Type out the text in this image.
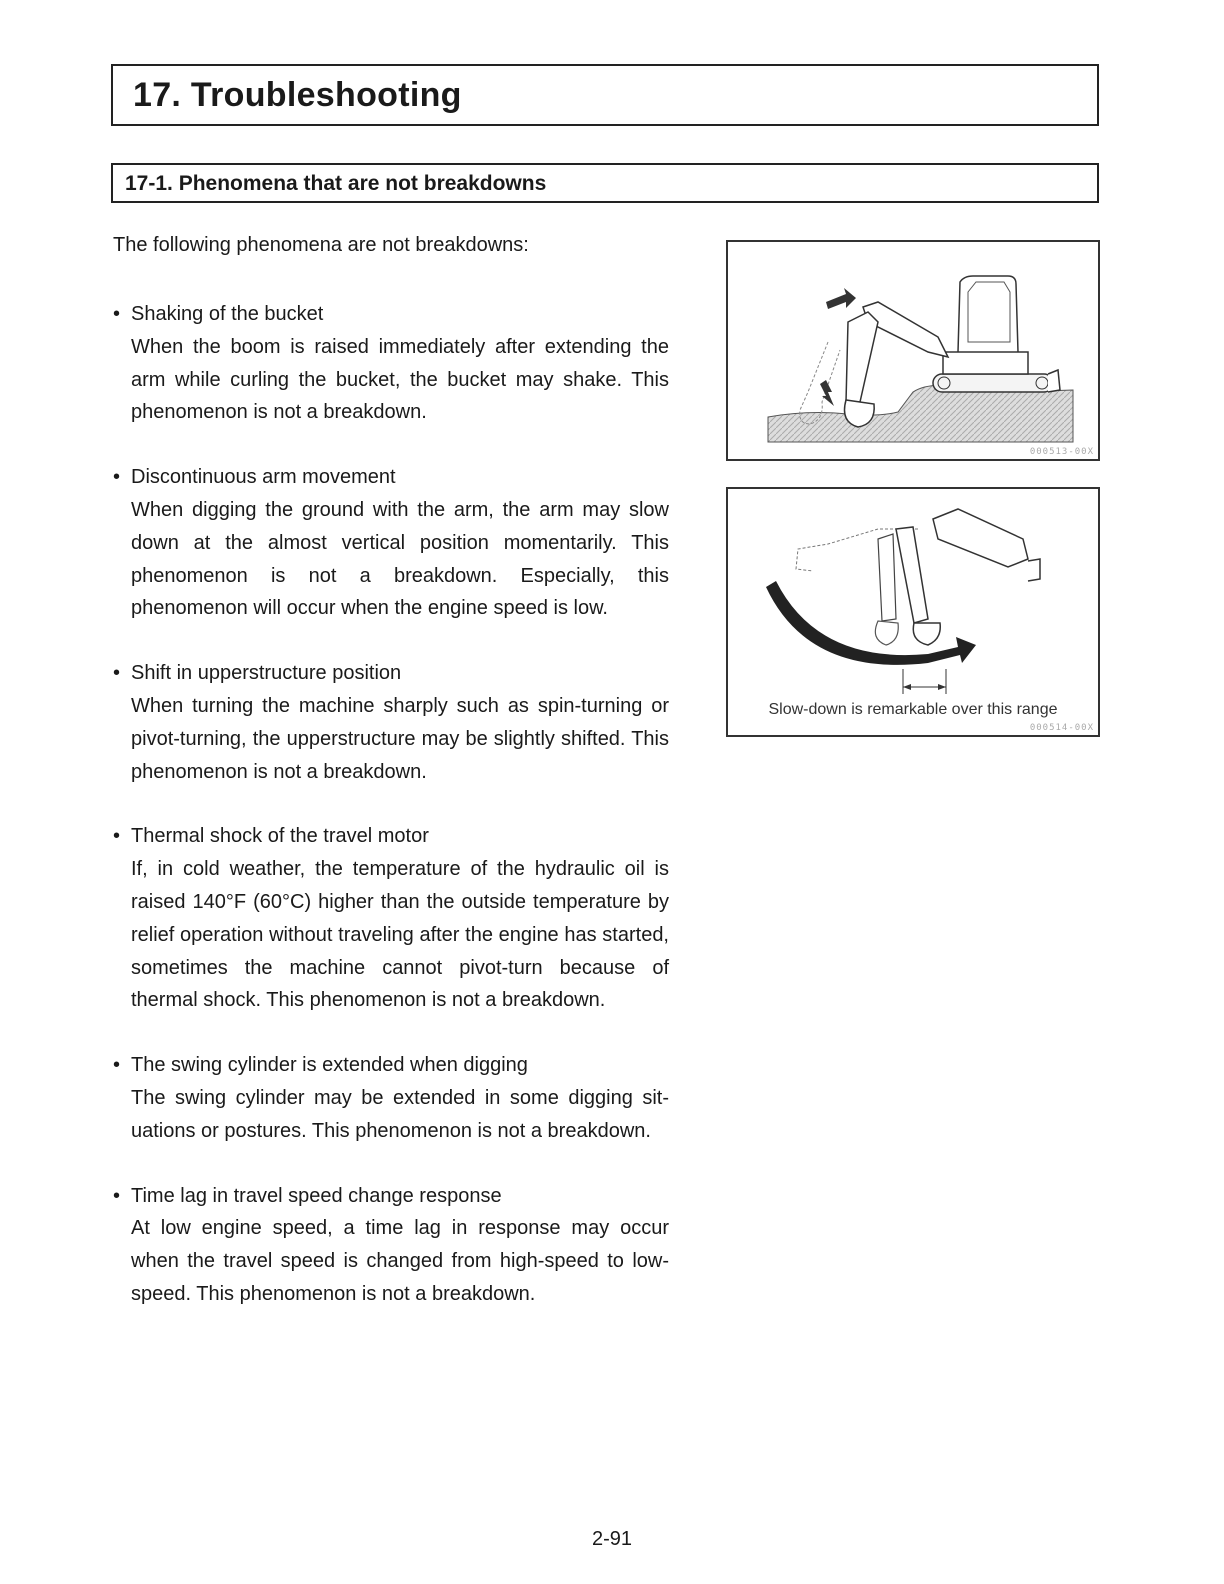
17. Troubleshooting
17-1. Phenomena that are not breakdowns
The following phenomena are not breakdowns:
• Shaking of the bucket
When the boom is raised immediately after extending the arm while curling the bucket, the bucket may shake. This phenomenon is not a breakdown.
• Discontinuous arm movement
When digging the ground with the arm, the arm may slow down at the almost vertical position momentarily. This phenomenon is not a breakdown. Especially, this phenomenon will occur when the engine speed is low.
• Shift in upperstructure position
When turning the machine sharply such as spin-turning or pivot-turning, the upperstructure may be slightly shifted. This phenomenon is not a breakdown.
• Thermal shock of the travel motor
If, in cold weather, the temperature of the hydraulic oil is raised 140°F (60°C) higher than the outside temperature by relief operation without traveling after the engine has started, sometimes the machine cannot pivot-turn because of thermal shock. This phenomenon is not a breakdown.
• The swing cylinder is extended when digging
The swing cylinder may be extended in some digging situations or postures. This phenomenon is not a breakdown.
• Time lag in travel speed change response
At low engine speed, a time lag in response may occur when the travel speed is changed from high-speed to low-speed. This phenomenon is not a breakdown.
000513-00X
Slow-down is remarkable over this range
000514-00X
2-91
